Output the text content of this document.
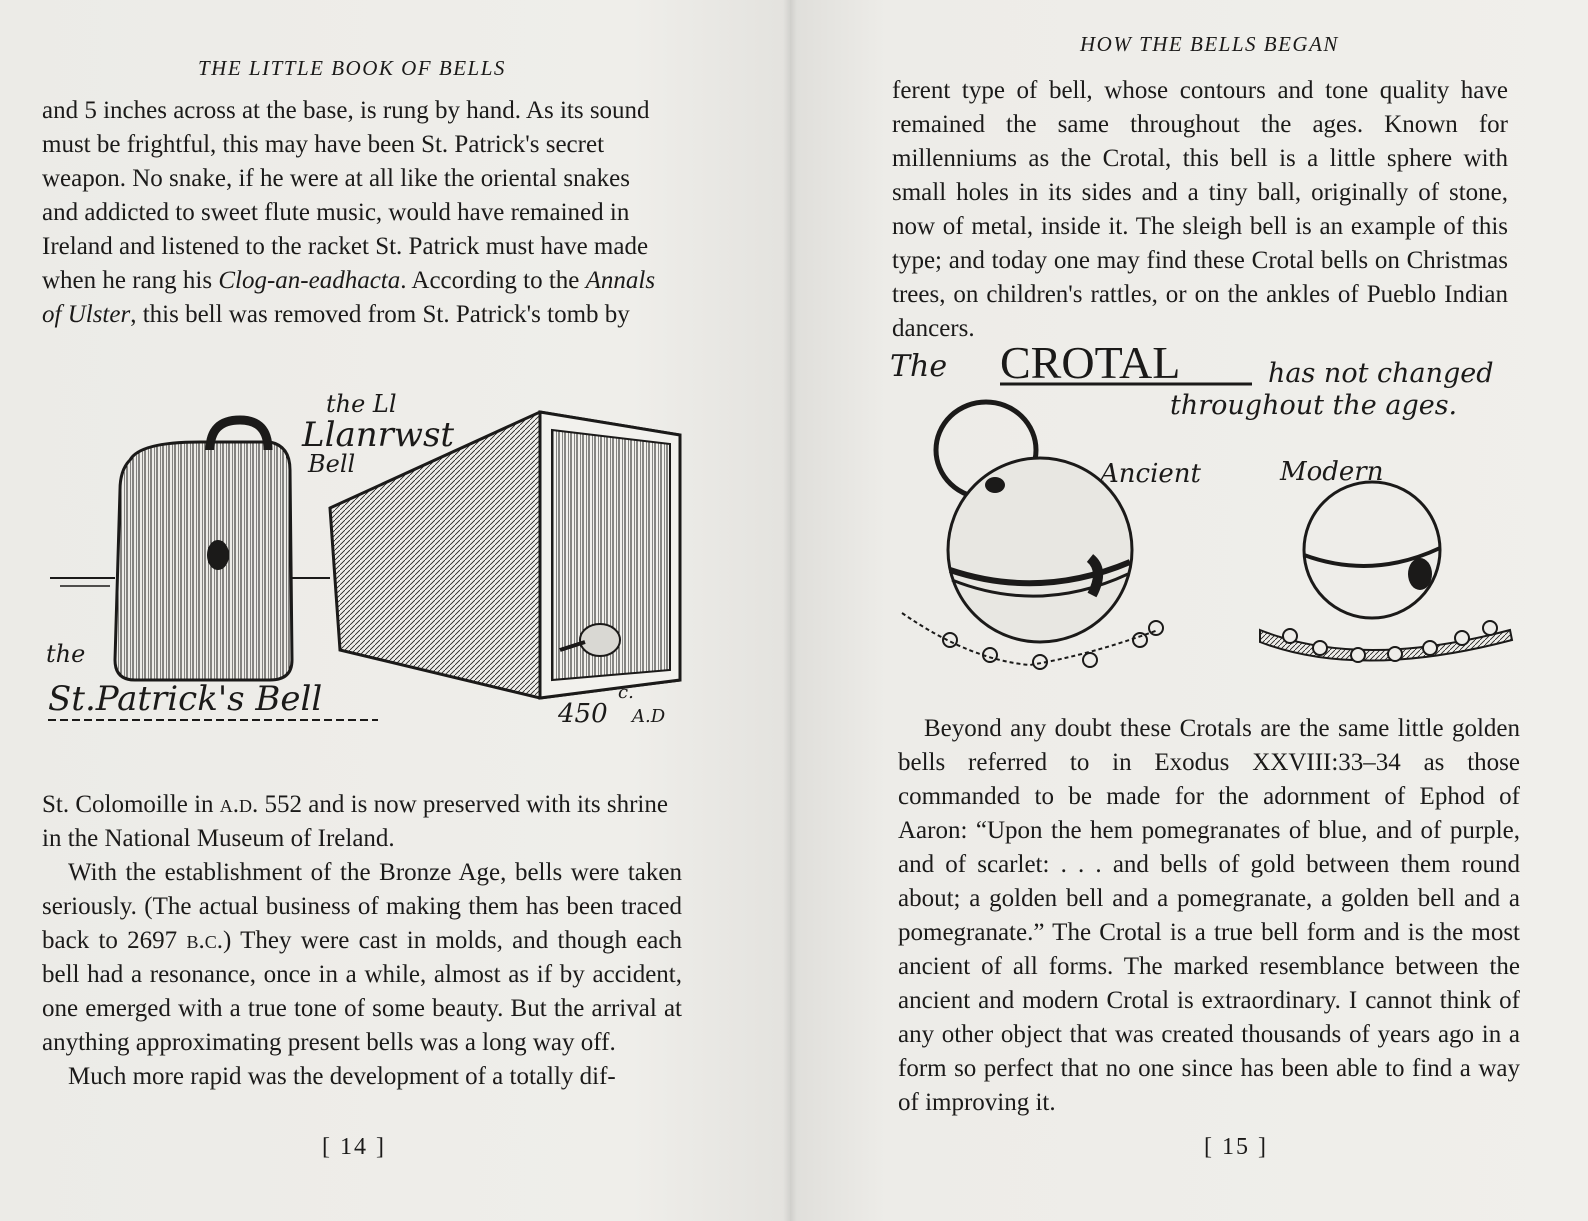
THE LITTLE BOOK OF BELLS

and 5 inches across at the base, is rung by hand. As its sound

must be frightful, this may have been St. Patrick's secret

weapon. No snake, if he were at all like the oriental snakes

and addicted to sweet flute music, would have remained in

Ireland and listened to the racket St. Patrick must have made

when he rang his Clog-an-eadhacta. According to the Annals

of Ulster, this bell was removed from St. Patrick's tomb by

the Ll
Llanrwst
Bell
the
St.Patrick's Bell	c.
450 A.D

St. Colomoille in a.d. 552 and is now preserved with its shrine

in the National Museum of Ireland.

With the establishment of the Bronze Age, bells were taken seriously. (The actual business of making them has been traced back to 2697 b.c.) They were cast in molds, and though each bell had a resonance, once in a while, almost as if by accident, one emerged with a true tone of some beauty. But the arrival at anything approximating present bells was a long way off.

Much more rapid was the development of a totally dif-

[ 14 ]
HOW THE BELLS BEGAN
ferent type of bell, whose contours and tone quality have remained the same throughout the ages. Known for millenniums as the Crotal, this bell is a little sphere with small holes in its sides and a tiny ball, originally of stone, now of metal, inside it. The sleigh bell is an example of this type; and today one may find these Crotal bells on Christmas trees, on children's rattles, or on the ankles of Pueblo Indian dancers.
The CROTAL	has not changed
throughout the ages.
Ancient	Modern
Beyond any doubt these Crotals are the same little golden bells referred to in Exodus XXVIII:33–34 as those commanded to be made for the adornment of Ephod of Aaron: “Upon the hem pomegranates of blue, and of purple, and of scarlet: . . . and bells of gold between them round about; a golden bell and a pomegranate, a golden bell and a pomegranate.” The Crotal is a true bell form and is the most ancient of all forms. The marked resemblance between the ancient and modern Crotal is extraordinary. I cannot think of any other object that was created thousands of years ago in a form so perfect that no one since has been able to find a way of improving it.
[ 15 ]
